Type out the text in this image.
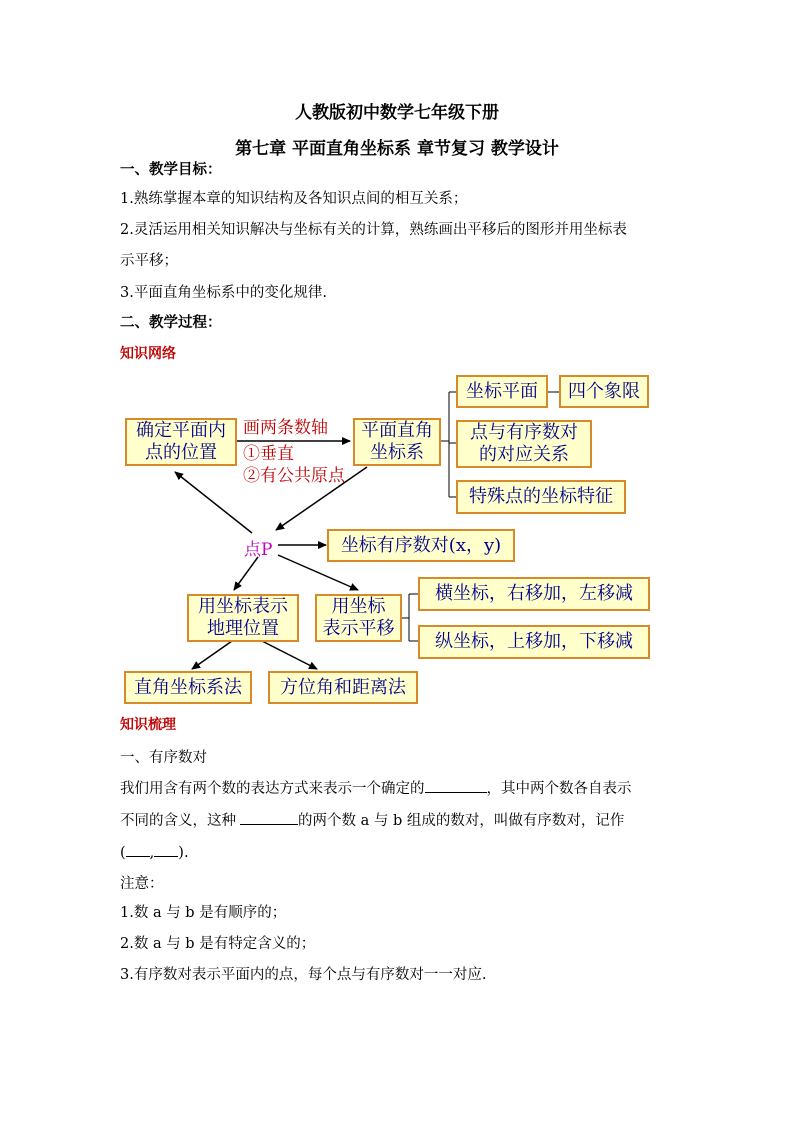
人教版初中数学七年级下册
第七章 平面直角坐标系 章节复习 教学设计
一、教学目标：
1.熟练掌握本章的知识结构及各知识点间的相互关系；
2.灵活运用相关知识解决与坐标有关的计算，熟练画出平移后的图形并用坐标表
示平移；
3.平面直角坐标系中的变化规律.
二、教学过程：
知识网络
确定平面内
点的位置
画两条数轴
①垂直
②有公共原点
平面直角
坐标系
坐标平面	四个象限
点与有序数对
的对应关系
特殊点的坐标特征
点P	坐标有序数对(x，y)
用坐标表示
地理位置
用坐标
表示平移
横坐标，右移加，左移减
纵坐标，上移加，下移减
直角坐标系法	方位角和距离法
知识梳理
一、有序数对
我们用含有两个数的表达方式来表示一个确定的	，其中两个数各自表示
不同的含义，这种	的两个数 a 与 b 组成的数对，叫做有序数对，记作
( , ).
注意：
1.数 a 与 b 是有顺序的；
2.数 a 与 b 是有特定含义的；
3.有序数对表示平面内的点，每个点与有序数对一一对应.
